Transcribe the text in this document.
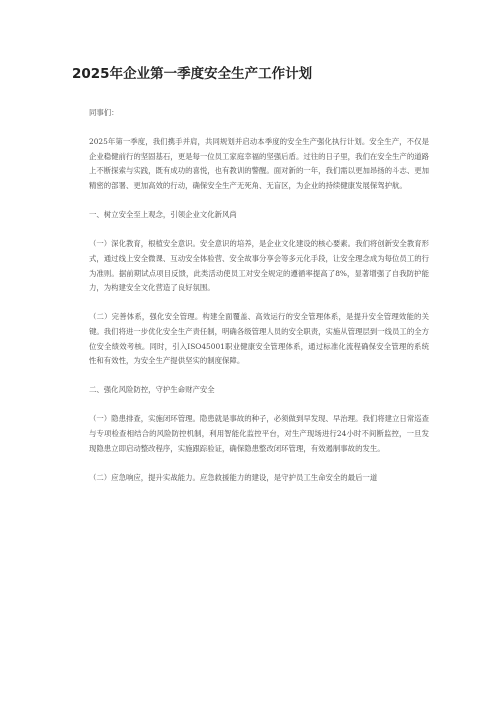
2025年企业第一季度安全生产工作计划

同事们：

2025年第一季度，我们携手并肩，共同规划并启动本季度的安全生产强化执行计划。安全生产，不仅是企业稳健前行的坚固基石，更是每一位员工家庭幸福的坚强后盾。过往的日子里，我们在安全生产的道路上不断探索与实践，既有成功的喜悦，也有教训的警醒。面对新的一年，我们需以更加昂扬的斗志、更加精密的部署、更加高效的行动，确保安全生产无死角、无盲区，为企业的持续健康发展保驾护航。

一、树立安全至上观念，引领企业文化新风尚

（一）深化教育，根植安全意识。安全意识的培养，是企业文化建设的核心要素。我们将创新安全教育形式，通过线上安全微课、互动安全体验营、安全故事分享会等多元化手段，让安全理念成为每位员工的行为准则。据前期试点项目反馈，此类活动使员工对安全规定的遵循率提高了8%，显著增强了自我防护能力，为构建安全文化营造了良好氛围。

（二）完善体系，强化安全管理。构建全面覆盖、高效运行的安全管理体系，是提升安全管理效能的关键。我们将进一步优化安全生产责任制，明确各级管理人员的安全职责，实施从管理层到一线员工的全方位安全绩效考核。同时，引入ISO45001职业健康安全管理体系，通过标准化流程确保安全管理的系统性和有效性，为安全生产提供坚实的制度保障。

二、强化风险防控，守护生命财产安全

（一）隐患排查，实施闭环管理。隐患就是事故的种子，必须做到早发现、早治理。我们将建立日常巡查与专项检查相结合的风险防控机制，利用智能化监控平台，对生产现场进行24小时不间断监控，一旦发现隐患立即启动整改程序，实施跟踪验证，确保隐患整改闭环管理，有效遏制事故的发生。

（二）应急响应，提升实战能力。应急救援能力的建设，是守护员工生命安全的最后一道
